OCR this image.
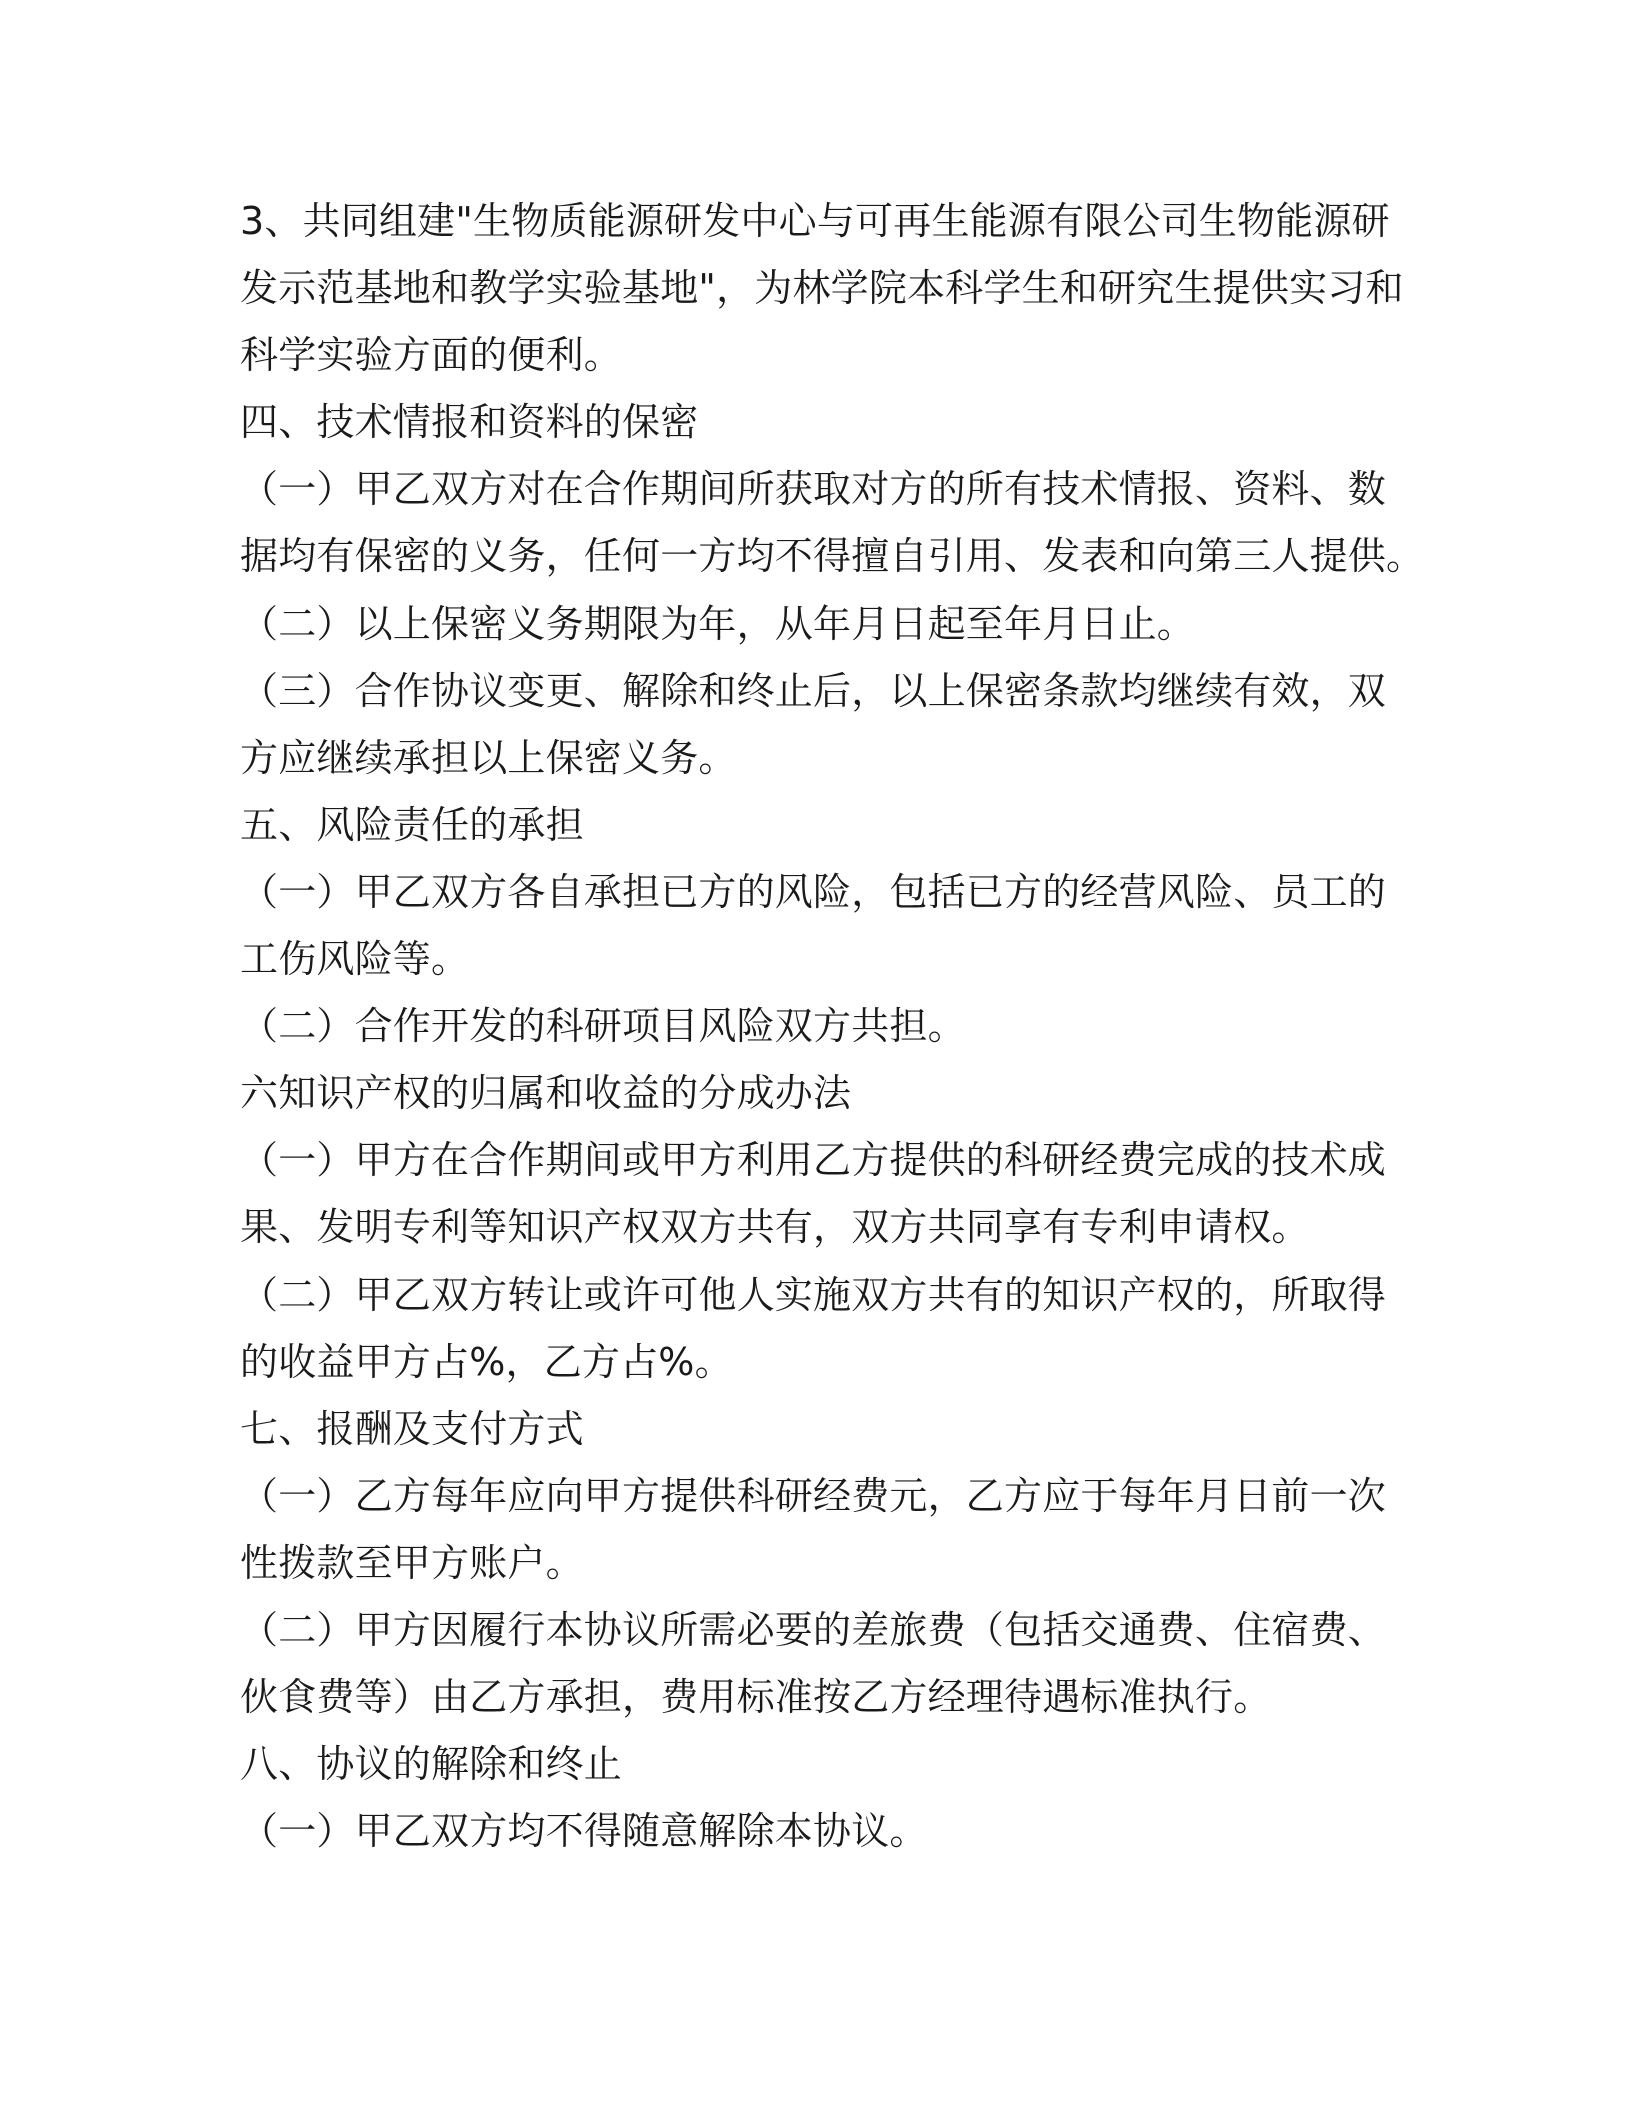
3、共同组建"生物质能源研发中心与可再生能源有限公司生物能源研
发示范基地和教学实验基地"，为林学院本科学生和研究生提供实习和
科学实验方面的便利。
四、技术情报和资料的保密
（一）甲乙双方对在合作期间所获取对方的所有技术情报、资料、数
据均有保密的义务，任何一方均不得擅自引用、发表和向第三人提供。
（二）以上保密义务期限为年，从年月日起至年月日止。
（三）合作协议变更、解除和终止后，以上保密条款均继续有效，双
方应继续承担以上保密义务。
五、风险责任的承担
（一）甲乙双方各自承担已方的风险，包括已方的经营风险、员工的
工伤风险等。
（二）合作开发的科研项目风险双方共担。
六知识产权的归属和收益的分成办法
（一）甲方在合作期间或甲方利用乙方提供的科研经费完成的技术成
果、发明专利等知识产权双方共有，双方共同享有专利申请权。
（二）甲乙双方转让或许可他人实施双方共有的知识产权的，所取得
的收益甲方占%，乙方占%。
七、报酬及支付方式
（一）乙方每年应向甲方提供科研经费元，乙方应于每年月日前一次
性拨款至甲方账户。
（二）甲方因履行本协议所需必要的差旅费（包括交通费、住宿费、
伙食费等）由乙方承担，费用标准按乙方经理待遇标准执行。
八、协议的解除和终止
（一）甲乙双方均不得随意解除本协议。
